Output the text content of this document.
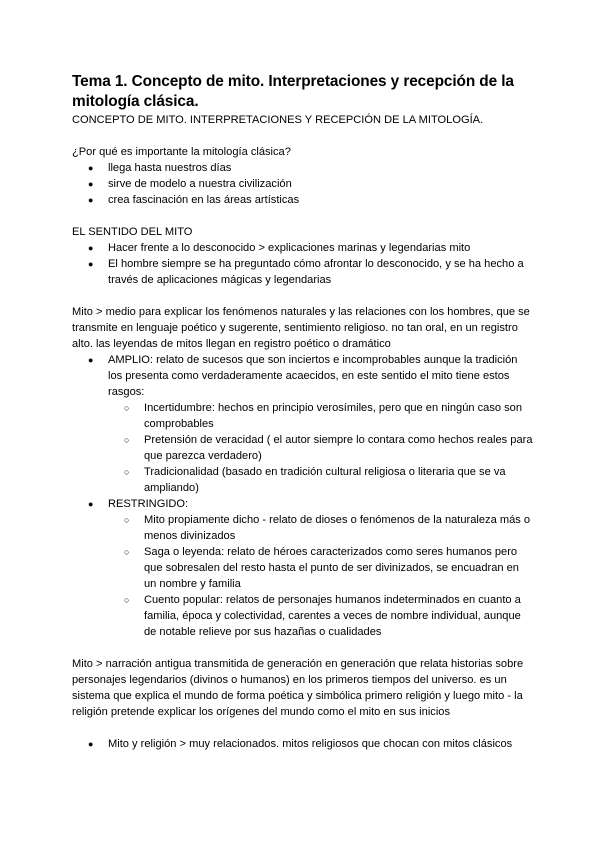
Tema 1. Concepto de mito. Interpretaciones y recepción de la mitología clásica.

CONCEPTO DE MITO. INTERPRETACIONES Y RECEPCIÓN DE LA MITOLOGÍA.

¿Por qué es importante la mitología clásica?

● llega hasta nuestros días
● sirve de modelo a nuestra civilización
● crea fascinación en las áreas artísticas

EL SENTIDO DEL MITO

● Hacer frente a lo desconocido > explicaciones marinas y legendarias mito
● El hombre siempre se ha preguntado cómo afrontar lo desconocido, y se ha hecho a través de aplicaciones mágicas y legendarias

Mito > medio para explicar los fenómenos naturales y las relaciones con los hombres, que se transmite en lenguaje poético y sugerente, sentimiento religioso. no tan oral, en un registro alto. las leyendas de mitos llegan en registro poético o dramático

● AMPLIO: relato de sucesos que son inciertos e incomprobables aunque la tradición los presenta como verdaderamente acaecidos, en este sentido el mito tiene estos rasgos:
○ Incertidumbre: hechos en principio verosímiles, pero que en ningún caso son comprobables
○ Pretensión de veracidad ( el autor siempre lo contara como hechos reales para que parezca verdadero)
○ Tradicionalidad (basado en tradición cultural religiosa o literaria que se va ampliando)
● RESTRINGIDO:
○ Mito propiamente dicho - relato de dioses o fenómenos de la naturaleza más o menos divinizados
○ Saga o leyenda: relato de héroes caracterizados como seres humanos pero que sobresalen del resto hasta el punto de ser divinizados, se encuadran en un nombre y familia
○ Cuento popular: relatos de personajes humanos indeterminados en cuanto a familia, época y colectividad, carentes a veces de nombre individual, aunque de notable relieve por sus hazañas o cualidades

Mito > narración antigua transmitida de generación en generación que relata historias sobre personajes legendarios (divinos o humanos) en los primeros tiempos del universo. es un sistema que explica el mundo de forma poética y simbólica primero religión y luego mito - la religión pretende explicar los orígenes del mundo como el mito en sus inicios

● Mito y religión > muy relacionados. mitos religiosos que chocan con mitos clásicos
